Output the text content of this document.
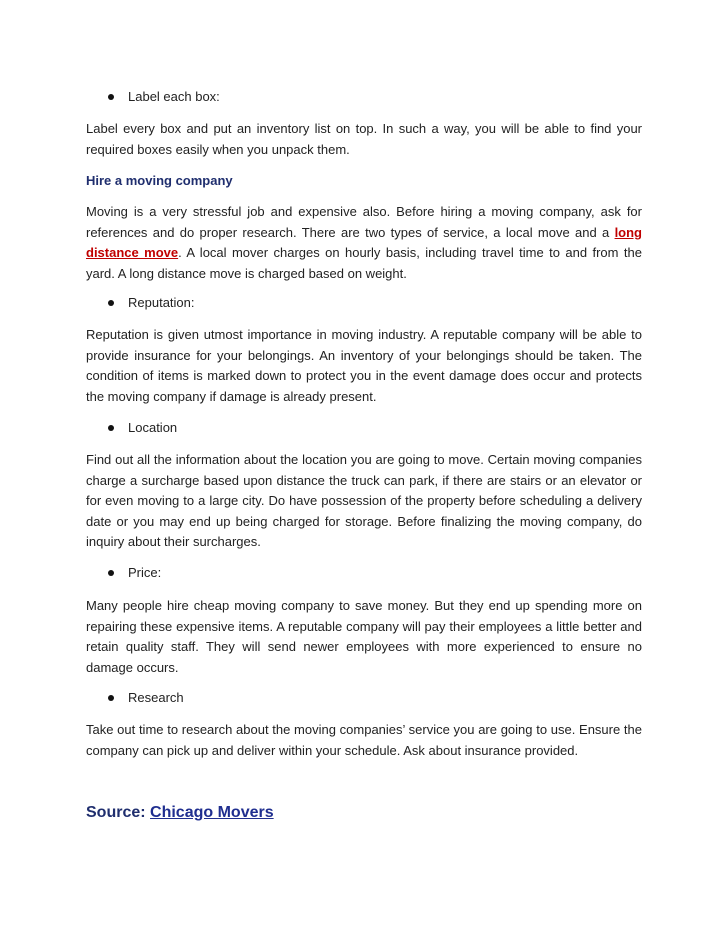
Label each box:

Label every box and put an inventory list on top. In such a way, you will be able to find your required boxes easily when you unpack them.

Hire a moving company

Moving is a very stressful job and expensive also. Before hiring a moving company, ask for references and do proper research. There are two types of service, a local move and a long distance move. A local mover charges on hourly basis, including travel time to and from the yard. A long distance move is charged based on weight.

Reputation:

Reputation is given utmost importance in moving industry. A reputable company will be able to provide insurance for your belongings. An inventory of your belongings should be taken. The condition of items is marked down to protect you in the event damage does occur and protects the moving company if damage is already present.

Location

Find out all the information about the location you are going to move. Certain moving companies charge a surcharge based upon distance the truck can park, if there are stairs or an elevator or for even moving to a large city. Do have possession of the property before scheduling a delivery date or you may end up being charged for storage. Before finalizing the moving company, do inquiry about their surcharges.

Price:

Many people hire cheap moving company to save money. But they end up spending more on repairing these expensive items. A reputable company will pay their employees a little better and retain quality staff. They will send newer employees with more experienced to ensure no damage occurs.

Research

Take out time to research about the moving companies’ service you are going to use. Ensure the company can pick up and deliver within your schedule. Ask about insurance provided.

Source: Chicago Movers
